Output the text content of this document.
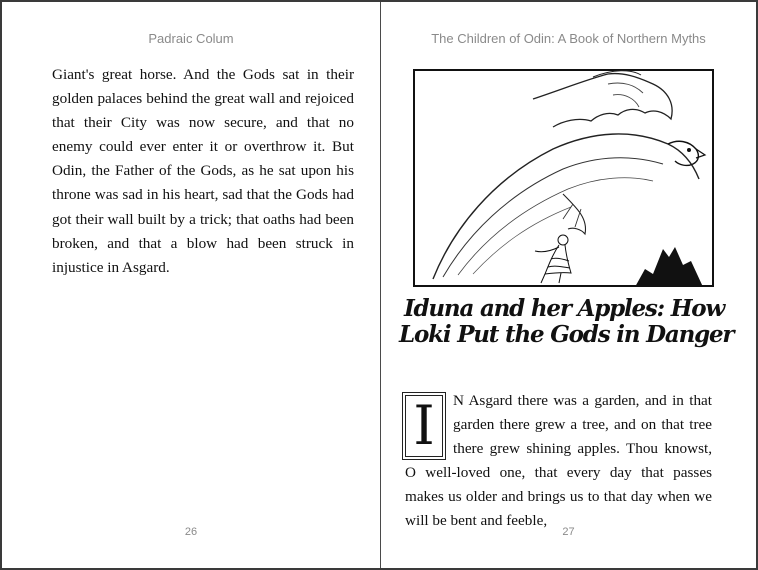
Padraic Colum

Giant's great horse. And the Gods sat in their golden palaces behind the great wall and rejoiced that their City was now secure, and that no enemy could ever enter it or overthrow it. But Odin, the Father of the Gods, as he sat upon his throne was sad in his heart, sad that the Gods had got their wall built by a trick; that oaths had been broken, and that a blow had been struck in injustice in Asgard.

26
The Children of Odin: A Book of Northern Myths
Iduna and her Apples: How
Loki Put the Gods in Danger
I	N Asgard there was a garden, and in that garden there grew a tree, and on that tree there grew shining apples. Thou knowst, O well-loved one, that every day that passes makes us older and brings us to that day when we will be bent and feeble,

27
